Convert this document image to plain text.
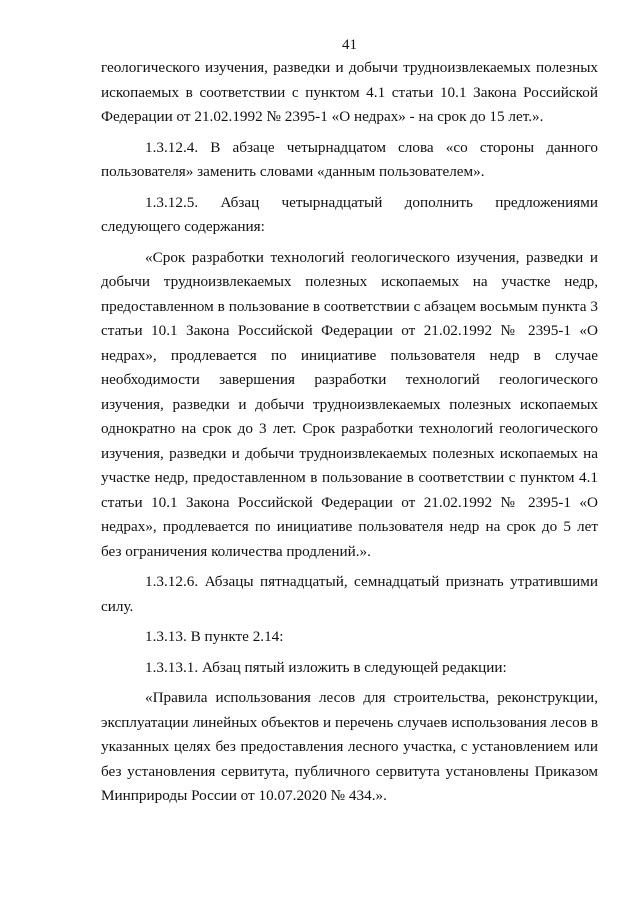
41

геологического изучения, разведки и добычи трудноизвлекаемых полезных ископаемых в соответствии с пунктом 4.1 статьи 10.1 Закона Российской Федерации от 21.02.1992 № 2395-1 «О недрах» - на срок до 15 лет.».

1.3.12.4. В абзаце четырнадцатом слова «со стороны данного пользователя» заменить словами «данным пользователем».

1.3.12.5. Абзац четырнадцатый дополнить предложениями следующего содержания:

«Срок разработки технологий геологического изучения, разведки и добычи трудноизвлекаемых полезных ископаемых на участке недр, предоставленном в пользование в соответствии с абзацем восьмым пункта 3 статьи 10.1 Закона Российской Федерации от 21.02.1992 № 2395-1 «О недрах», продлевается по инициативе пользователя недр в случае необходимости завершения разработки технологий геологического изучения, разведки и добычи трудноизвлекаемых полезных ископаемых однократно на срок до 3 лет. Срок разработки технологий геологического изучения, разведки и добычи трудноизвлекаемых полезных ископаемых на участке недр, предоставленном в пользование в соответствии с пунктом 4.1 статьи 10.1 Закона Российской Федерации от 21.02.1992 № 2395-1 «О недрах», продлевается по инициативе пользователя недр на срок до 5 лет без ограничения количества продлений.».

1.3.12.6. Абзацы пятнадцатый, семнадцатый признать утратившими силу.

1.3.13. В пункте 2.14:

1.3.13.1. Абзац пятый изложить в следующей редакции:

«Правила использования лесов для строительства, реконструкции, эксплуатации линейных объектов и перечень случаев использования лесов в указанных целях без предоставления лесного участка, с установлением или без установления сервитута, публичного сервитута установлены Приказом Минприроды России от 10.07.2020 № 434.».
